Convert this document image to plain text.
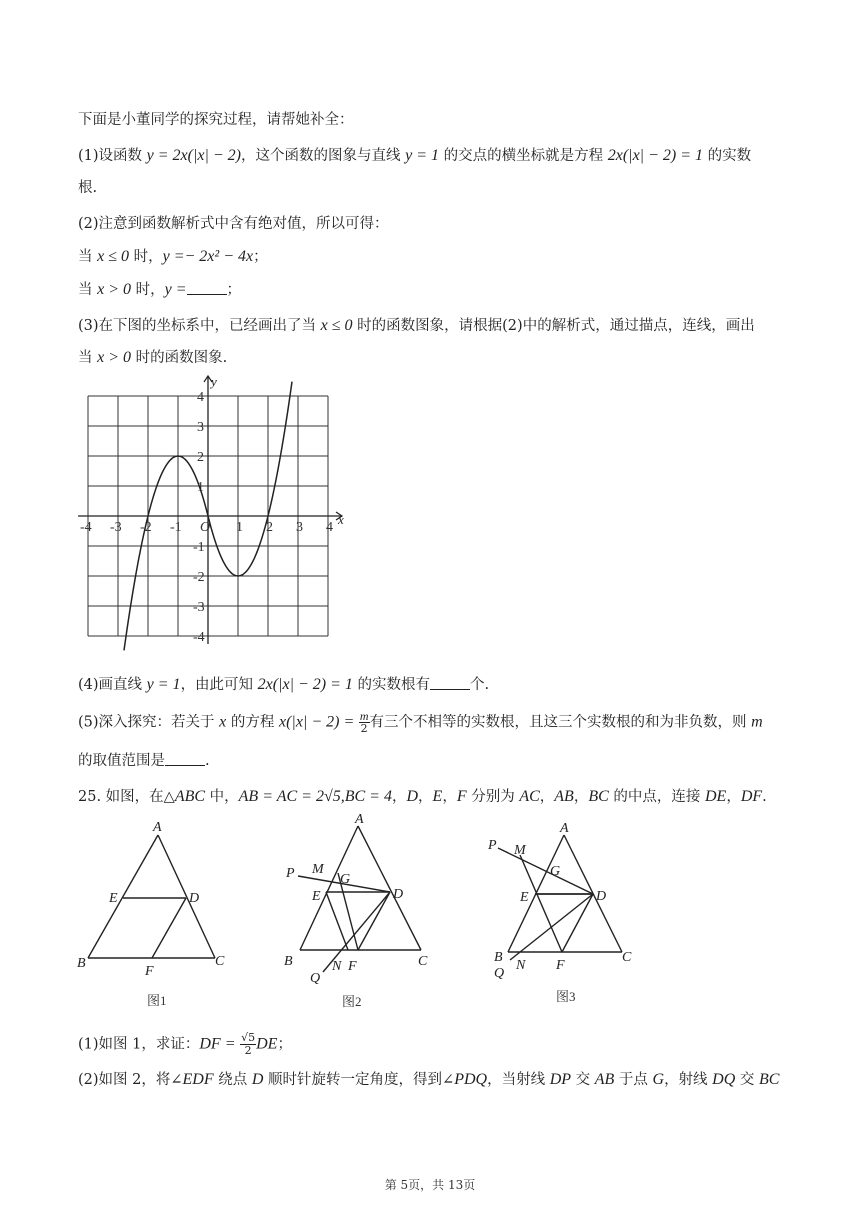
下面是小董同学的探究过程，请帮她补全：
(1)设函数 y = 2x(|x| − 2)，这个函数的图象与直线 y = 1 的交点的横坐标就是方程 2x(|x| − 2) = 1 的实数
根.
(2)注意到函数解析式中含有绝对值，所以可得：
当 x ≤ 0 时，y =− 2x² − 4x；
当 x > 0 时，y =	；
(3)在下图的坐标系中，已经画出了当 x ≤ 0 时的函数图象，请根据(2)中的解析式，通过描点，连线，画出
当 x > 0 时的函数图象.
x
y
-4 -3 -2 -1 O 1 2 3 4
4
3
2
1
-1
-2
-3
-4
(4)画直线 y = 1，由此可知 2x(|x| − 2) = 1 的实数根有	个.
(5)深入探究：若关于 x 的方程 $x(|x| - 2) = \frac{m}{2}$ 有三个不相等的实数根，且这三个实数根的和为非负数，则 m
的取值范围是	.
25. 如图，在△ABC 中，AB = AC = 2√5,BC = 4，D，E，F 分别为 AC，AB，BC 的中点，连接 DE，DF.
A
E	D
B
F
C
图1
A
P M
G
E	D
B
Q
N F	C
图2
A
P M
G
E	D
B
Q
N F
C
图3
(1)如图 1，求证：DF = $\frac{√5}{2}$ DE；
(2)如图 2，将∠EDF 绕点 D 顺时针旋转一定角度，得到∠PDQ，当射线 DP 交 AB 于点 G，射线 DQ 交 BC
第 5页，共 13页
